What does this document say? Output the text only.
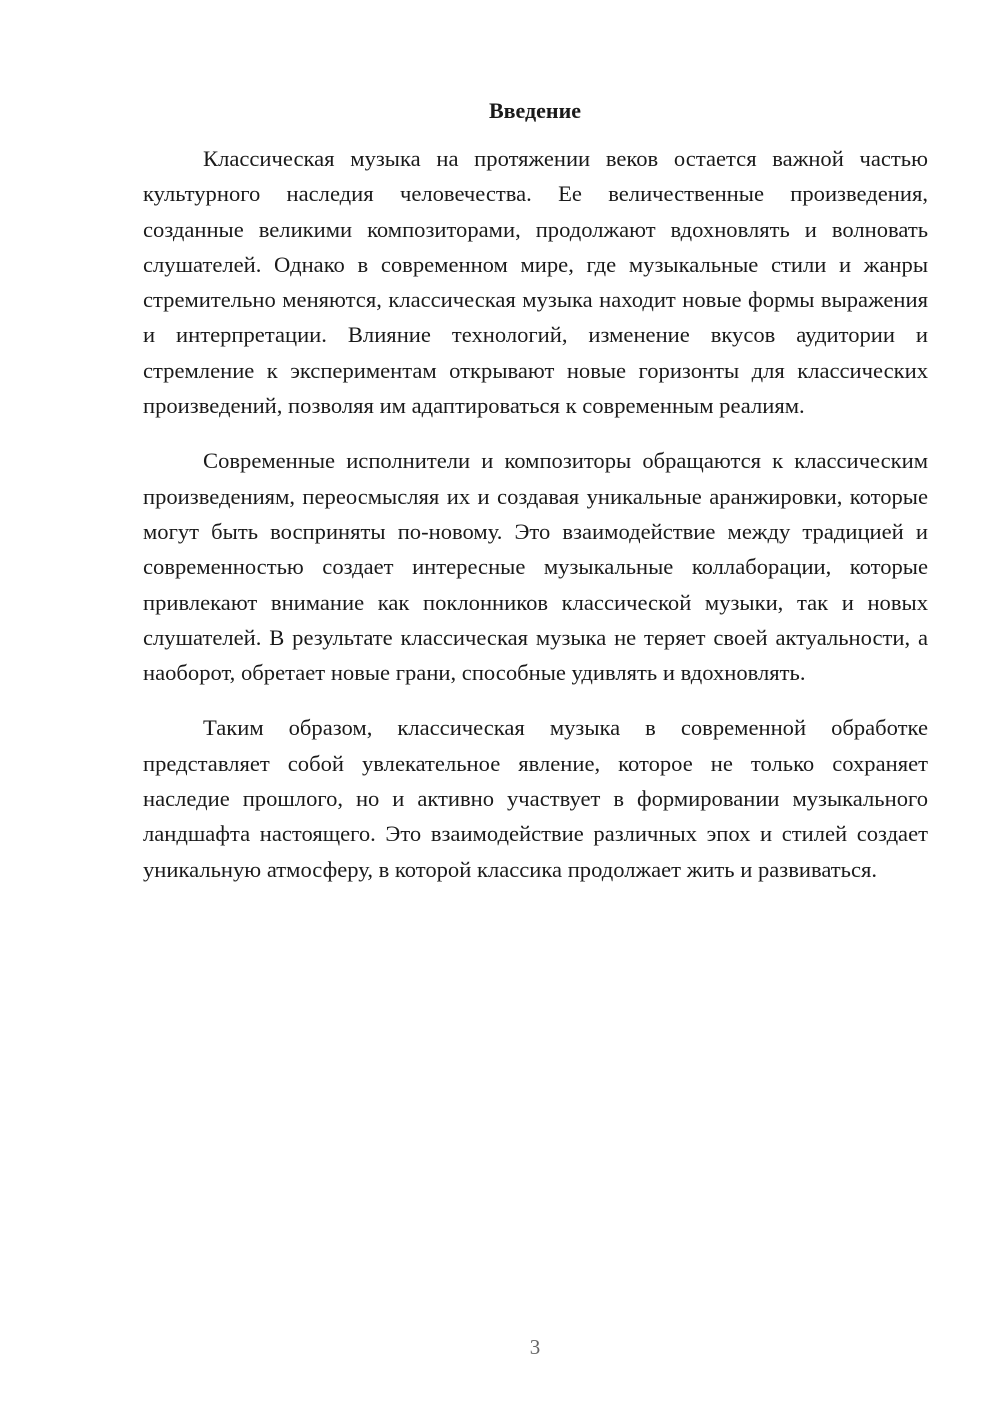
Введение

Классическая музыка на протяжении веков остается важной частью культурного наследия человечества. Ее величественные произведения, созданные великими композиторами, продолжают вдохновлять и волновать слушателей. Однако в современном мире, где музыкальные стили и жанры стремительно меняются, классическая музыка находит новые формы выражения и интерпретации. Влияние технологий, изменение вкусов аудитории и стремление к экспериментам открывают новые горизонты для классических произведений, позволяя им адаптироваться к современным реалиям.

Современные исполнители и композиторы обращаются к классическим произведениям, переосмысляя их и создавая уникальные аранжировки, которые могут быть восприняты по-новому. Это взаимодействие между традицией и современностью создает интересные музыкальные коллаборации, которые привлекают внимание как поклонников классической музыки, так и новых слушателей. В результате классическая музыка не теряет своей актуальности, а наоборот, обретает новые грани, способные удивлять и вдохновлять.

Таким образом, классическая музыка в современной обработке представляет собой увлекательное явление, которое не только сохраняет наследие прошлого, но и активно участвует в формировании музыкального ландшафта настоящего. Это взаимодействие различных эпох и стилей создает уникальную атмосферу, в которой классика продолжает жить и развиваться.

3
